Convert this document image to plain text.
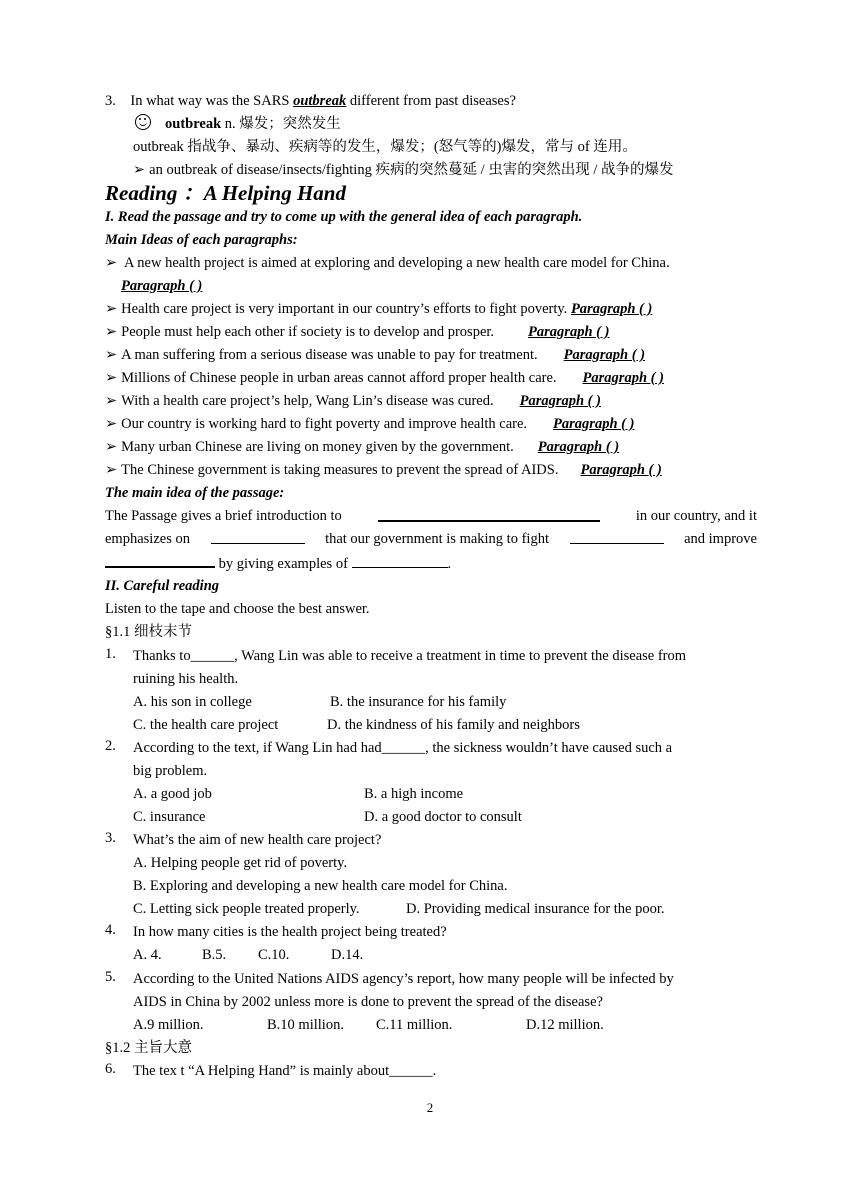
3. In what way was the SARS outbreak different from past diseases?
outbreak n. 爆发；突然发生
outbreak 指战争、暴动、疾病等的发生，爆发；(怒气等的)爆发，常与 of 连用。
➢ an outbreak of disease/insects/fighting 疾病的突然蔓延 / 虫害的突然出现 / 战争的爆发
Reading ：A Helping Hand
I. Read the passage and try to come up with the general idea of each paragraph.
Main Ideas of each paragraphs:
➢ A new health project is aimed at exploring and developing a new health care model for China.
Paragraph ( )
➢ Health care project is very important in our country’s efforts to fight poverty. Paragraph ( )
➢ People must help each other if society is to develop and prosper. Paragraph ( )
➢ A man suffering from a serious disease was unable to pay for treatment. Paragraph ( )
➢ Millions of Chinese people in urban areas cannot afford proper health care. Paragraph ( )
➢ With a health care project’s help, Wang Lin’s disease was cured. Paragraph ( )
➢ Our country is working hard to fight poverty and improve health care. Paragraph ( )
➢ Many urban Chinese are living on money given by the government. Paragraph ( )
➢ The Chinese government is taking measures to prevent the spread of AIDS. Paragraph ( )
The main idea of the passage:
The Passage gives a brief introduction to	in our country, and it
emphasizes on	that our government is making to fight	and improve
by giving examples of	.
II. Careful reading
Listen to the tape and choose the best answer.
§1.1 细枝末节
1. Thanks to______, Wang Lin was able to receive a treatment in time to prevent the disease from
ruining his health.
A. his son in college	B. the insurance for his family
C. the health care project	D. the kindness of his family and neighbors
2. According to the text, if Wang Lin had had______, the sickness wouldn’t have caused such a
big problem.
A. a good job	B. a high income
C. insurance	D. a good doctor to consult
3. What’s the aim of new health care project?
A. Helping people get rid of poverty.
B. Exploring and developing a new health care model for China.
C. Letting sick people treated properly.	D. Providing medical insurance for the poor.
4. In how many cities is the health project being treated?
A. 4.	B.5. C.10.	D.14.
5. According to the United Nations AIDS agency’s report, how many people will be infected by
AIDS in China by 2002 unless more is done to prevent the spread of the disease?
A.9 million.	B.10 million. C.11 million.	D.12 million.
§1.2 主旨大意
6. The tex t “A Helping Hand” is mainly about______.
2
